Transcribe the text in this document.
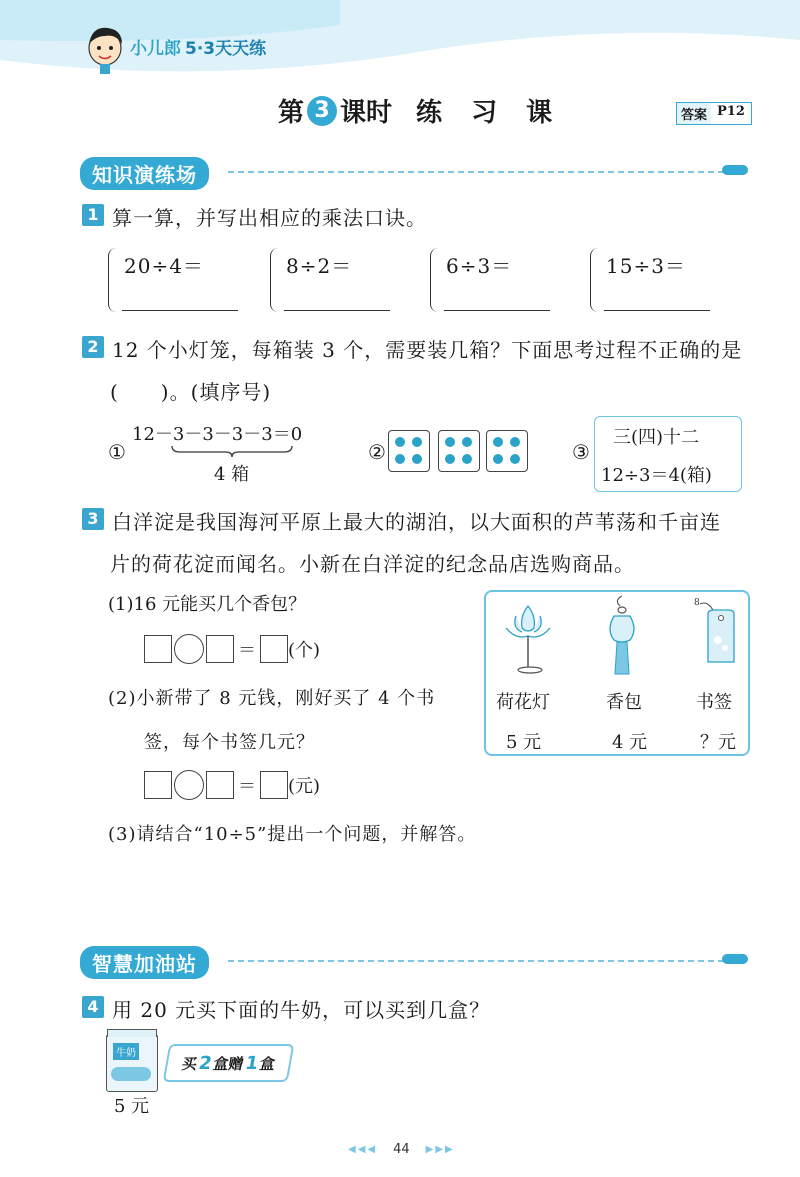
小儿郎 5·3天天练
第 3 课时 练 习 课	答案 P12
知识演练场
1 算一算，并写出相应的乘法口诀。
20÷4＝	8÷2＝	6÷3＝	15÷3＝
2 12 个小灯笼，每箱装 3 个，需要装几箱？下面思考过程不正确的是
(　　)。(填序号)
①
12－3－3－3－3＝0
4 箱
②	③
三(四)十二
12÷3＝4(箱)
3 白洋淀是我国海河平原上最大的湖泊，以大面积的芦苇荡和千亩连
片的荷花淀而闻名。小新在白洋淀的纪念品店选购商品。
(1)16 元能买几个香包？
＝ (个)
(2)小新带了 8 元钱，刚好买了 4 个书
签，每个书签几元？
＝ (元)
(3)请结合“10÷5”提出一个问题，并解答。
8
荷花灯	香包	书签
5 元	4 元	？元
智慧加油站
4 用 20 元买下面的牛奶，可以买到几盒？
牛奶
5 元
买
2
盒赠
1
盒
◀◀◀ 44 ▶▶▶
